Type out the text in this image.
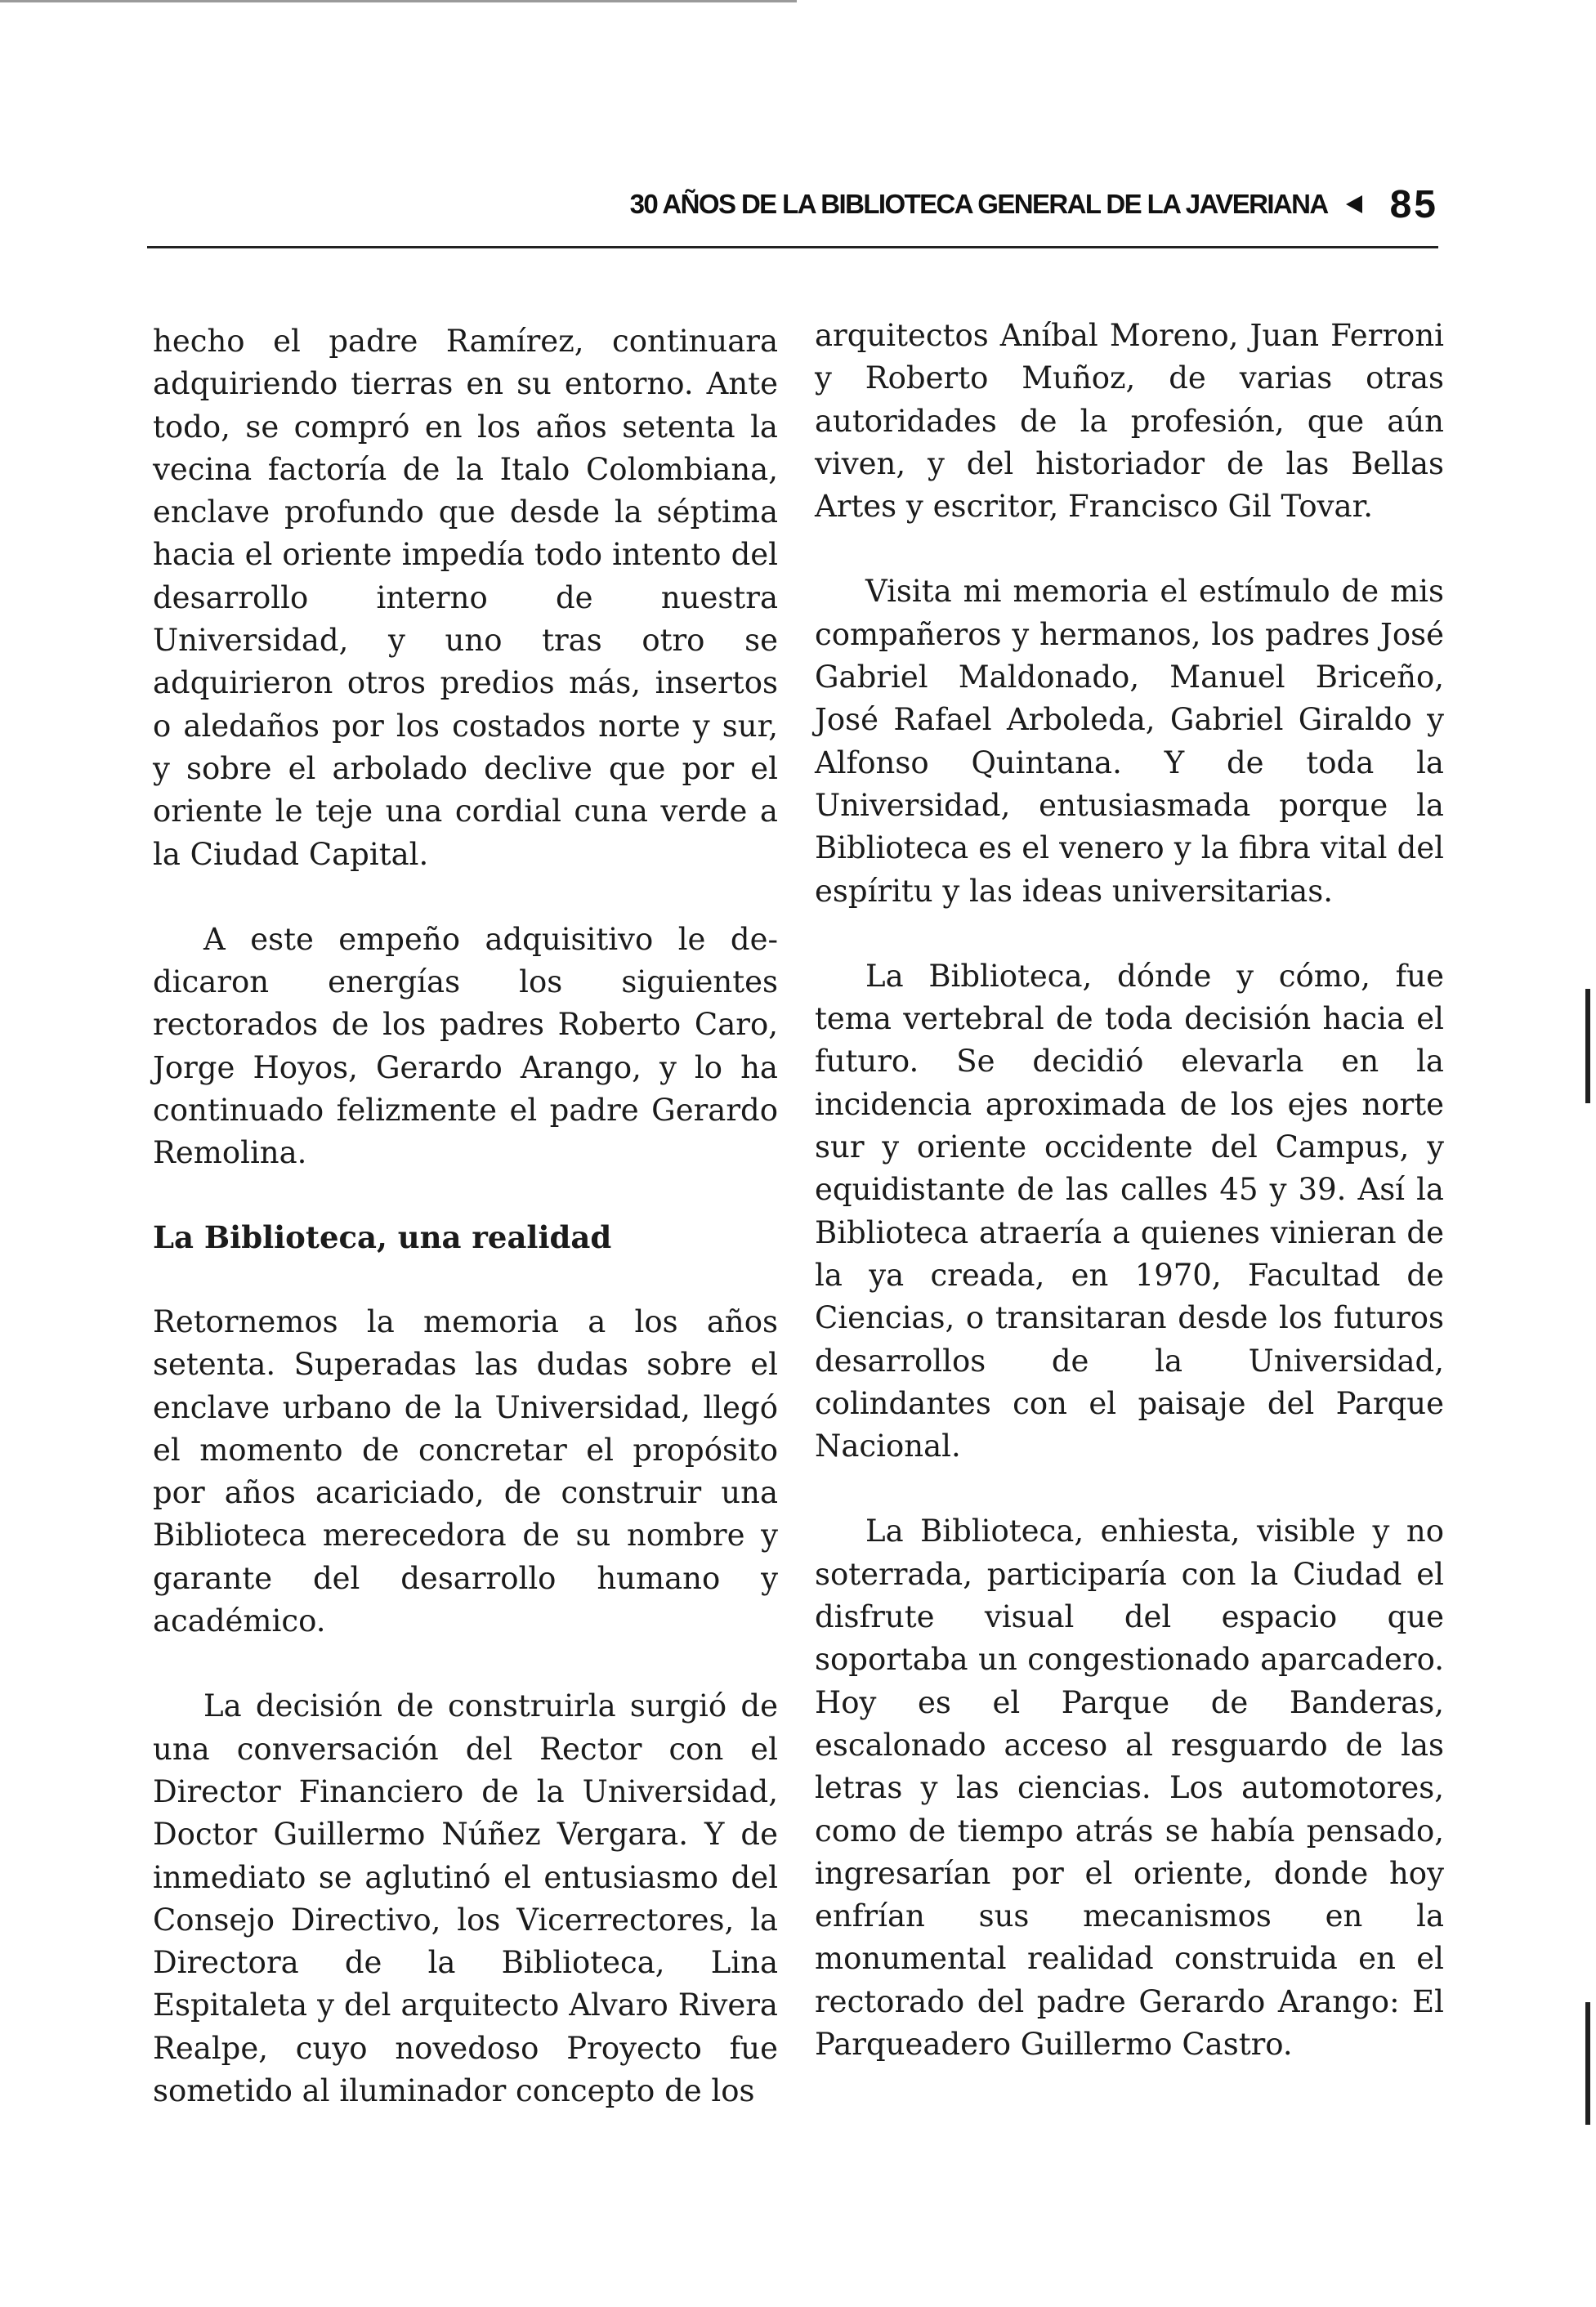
30 AÑOS DE LA BIBLIOTECA GENERAL DE LA JAVERIANA 85

hecho el padre Ramírez, continuara adquiriendo tierras en su entorno. Ante todo, se compró en los años setenta la vecina factoría de la Italo Colombiana, enclave profundo que desde la séptima hacia el oriente impedía todo intento del desarrollo interno de nuestra Universidad, y uno tras otro se adquirieron otros predios más, insertos o aledaños por los costados norte y sur, y sobre el arbolado declive que por el oriente le teje una cordial cuna verde a la Ciudad Capital.

A este empeño adquisitivo le dedicaron energías los siguientes rectorados de los padres Roberto Caro, Jorge Hoyos, Gerardo Arango, y lo ha continuado felizmente el padre Gerardo Remolina.

La Biblioteca, una realidad

Retornemos la memoria a los años setenta. Superadas las dudas sobre el enclave urbano de la Universidad, llegó el momento de concretar el propósito por años acariciado, de construir una Biblioteca merecedora de su nombre y garante del desarrollo humano y académico.

La decisión de construirla surgió de una conversación del Rector con el Director Financiero de la Universidad, Doctor Guillermo Núñez Vergara. Y de inmediato se aglutinó el entusiasmo del Consejo Directivo, los Vicerrectores, la Directora de la Biblioteca, Lina Espitaleta y del arquitecto Alvaro Rivera Realpe, cuyo novedoso Proyecto fue sometido al iluminador concepto de los

arquitectos Aníbal Moreno, Juan Ferroni y Roberto Muñoz, de varias otras autoridades de la profesión, que aún viven, y del historiador de las Bellas Artes y escritor, Francisco Gil Tovar.

Visita mi memoria el estímulo de mis compañeros y hermanos, los padres José Gabriel Maldonado, Manuel Briceño, José Rafael Arboleda, Gabriel Giraldo y Alfonso Quintana. Y de toda la Universidad, entusiasmada porque la Biblioteca es el venero y la fibra vital del espíritu y las ideas universitarias.

La Biblioteca, dónde y cómo, fue tema vertebral de toda decisión hacia el futuro. Se decidió elevarla en la incidencia aproximada de los ejes norte sur y oriente occidente del Campus, y equidistante de las calles 45 y 39. Así la Biblioteca atraería a quienes vinieran de la ya creada, en 1970, Facultad de Ciencias, o transitaran desde los futuros desarrollos de la Universidad, colindantes con el paisaje del Parque Nacional.

La Biblioteca, enhiesta, visible y no soterrada, participaría con la Ciudad el disfrute visual del espacio que soportaba un congestionado aparcadero. Hoy es el Parque de Banderas, escalonado acceso al resguardo de las letras y las ciencias. Los automotores, como de tiempo atrás se había pensado, ingresarían por el oriente, donde hoy enfrían sus mecanismos en la monumental realidad construida en el rectorado del padre Gerardo Arango: El Parqueadero Guillermo Castro.
